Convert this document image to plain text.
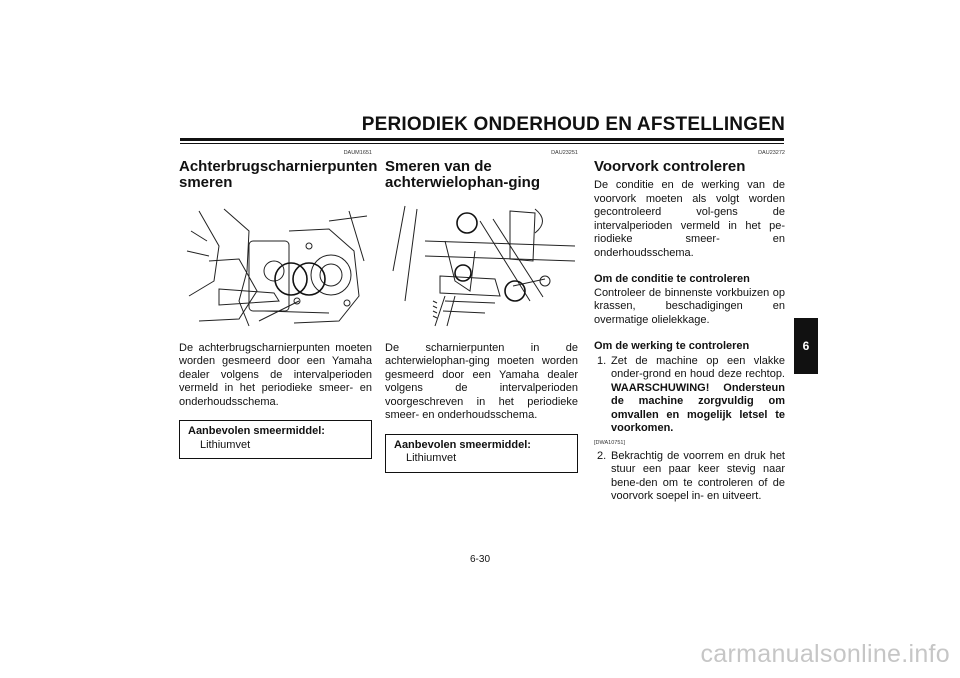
PERIODIEK ONDERHOUD EN AFSTELLINGEN
DAUM1651
Achterbrugscharnierpunten smeren

De achterbrugscharnierpunten moeten worden gesmeerd door een Yamaha dealer volgens de intervalperioden vermeld in het periodieke smeer- en onderhoudsschema.

Aanbevolen smeermiddel:
Lithiumvet
DAU23251
Smeren van de achterwielophan-ging

De scharnierpunten in de achterwielophan-ging moeten worden gesmeerd door een Yamaha dealer volgens de intervalperioden voorgeschreven in het periodieke smeer- en onderhoudsschema.

Aanbevolen smeermiddel:
Lithiumvet
DAU23272
Voorvork controleren

De conditie en de werking van de voorvork moeten als volgt worden gecontroleerd vol-gens de intervalperioden vermeld in het pe-riodieke smeer- en onderhoudsschema.

Om de conditie te controleren

Controleer de binnenste vorkbuizen op krassen, beschadigingen en overmatige olielekkage.

Om de werking te controleren
1. Zet de machine op een vlakke onder-grond en houd deze rechtop. WAARSCHUWING! Ondersteun de machine zorgvuldig om omvallen en mogelijk letsel te voorkomen.
[DWA10751]
2. Bekrachtig de voorrem en druk het stuur een paar keer stevig naar bene-den om te controleren of de voorvork soepel in- en uitveert.
6
6-30
carmanualsonline.info
